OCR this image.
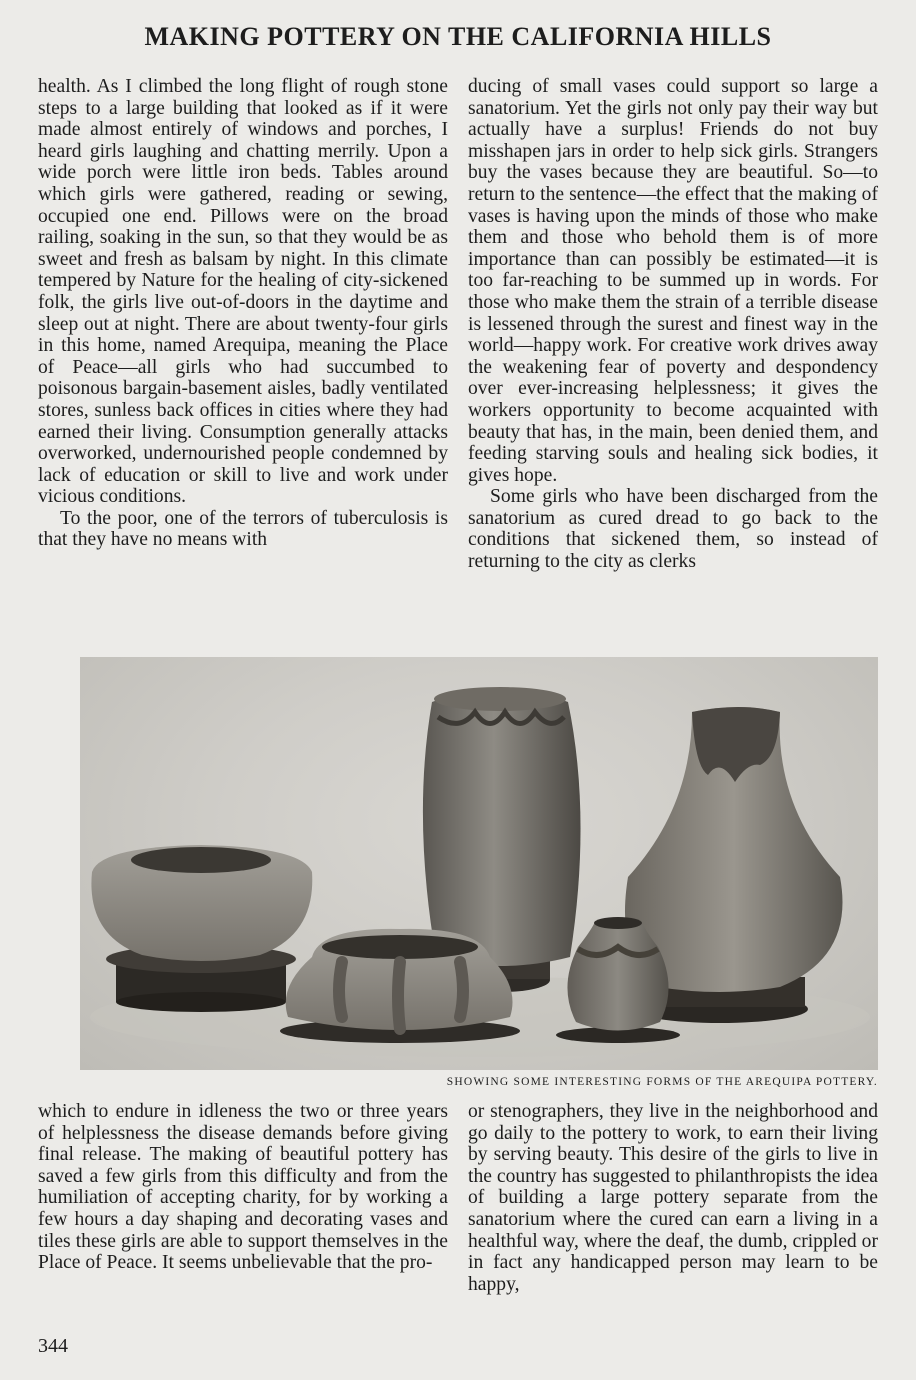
MAKING POTTERY ON THE CALIFORNIA HILLS

health. As I climbed the long flight of rough stone steps to a large building that looked as if it were made almost entirely of windows and porches, I heard girls laughing and chatting merrily. Upon a wide porch were little iron beds. Tables around which girls were gathered, reading or sewing, occupied one end. Pillows were on the broad railing, soaking in the sun, so that they would be as sweet and fresh as balsam by night. In this climate tempered by Nature for the healing of city-sickened folk, the girls live out-of-doors in the daytime and sleep out at night. There are about twenty-four girls in this home, named Arequipa, meaning the Place of Peace—all girls who had succumbed to poisonous bargain-basement aisles, badly ventilated stores, sunless back offices in cities where they had earned their living. Consumption generally attacks overworked, undernourished people condemned by lack of education or skill to live and work under vicious conditions.

To the poor, one of the terrors of tuberculosis is that they have no means with

ducing of small vases could support so large a sanatorium. Yet the girls not only pay their way but actually have a surplus! Friends do not buy misshapen jars in order to help sick girls. Strangers buy the vases because they are beautiful. So—to return to the sentence—the effect that the making of vases is having upon the minds of those who make them and those who behold them is of more importance than can possibly be estimated—it is too far-reaching to be summed up in words. For those who make them the strain of a terrible disease is lessened through the surest and finest way in the world—happy work. For creative work drives away the weakening fear of poverty and despondency over ever-increasing helplessness; it gives the workers opportunity to become acquainted with beauty that has, in the main, been denied them, and feeding starving souls and healing sick bodies, it gives hope.

Some girls who have been discharged from the sanatorium as cured dread to go back to the conditions that sickened them, so instead of returning to the city as clerks

SHOWING SOME INTERESTING FORMS OF THE AREQUIPA POTTERY.

which to endure in idleness the two or three years of helplessness the disease demands before giving final release. The making of beautiful pottery has saved a few girls from this difficulty and from the humiliation of accepting charity, for by working a few hours a day shaping and decorating vases and tiles these girls are able to support themselves in the Place of Peace. It seems unbelievable that the pro-

or stenographers, they live in the neighborhood and go daily to the pottery to work, to earn their living by serving beauty. This desire of the girls to live in the country has suggested to philanthropists the idea of building a large pottery separate from the sanatorium where the cured can earn a living in a healthful way, where the deaf, the dumb, crippled or in fact any handicapped person may learn to be happy,

344
